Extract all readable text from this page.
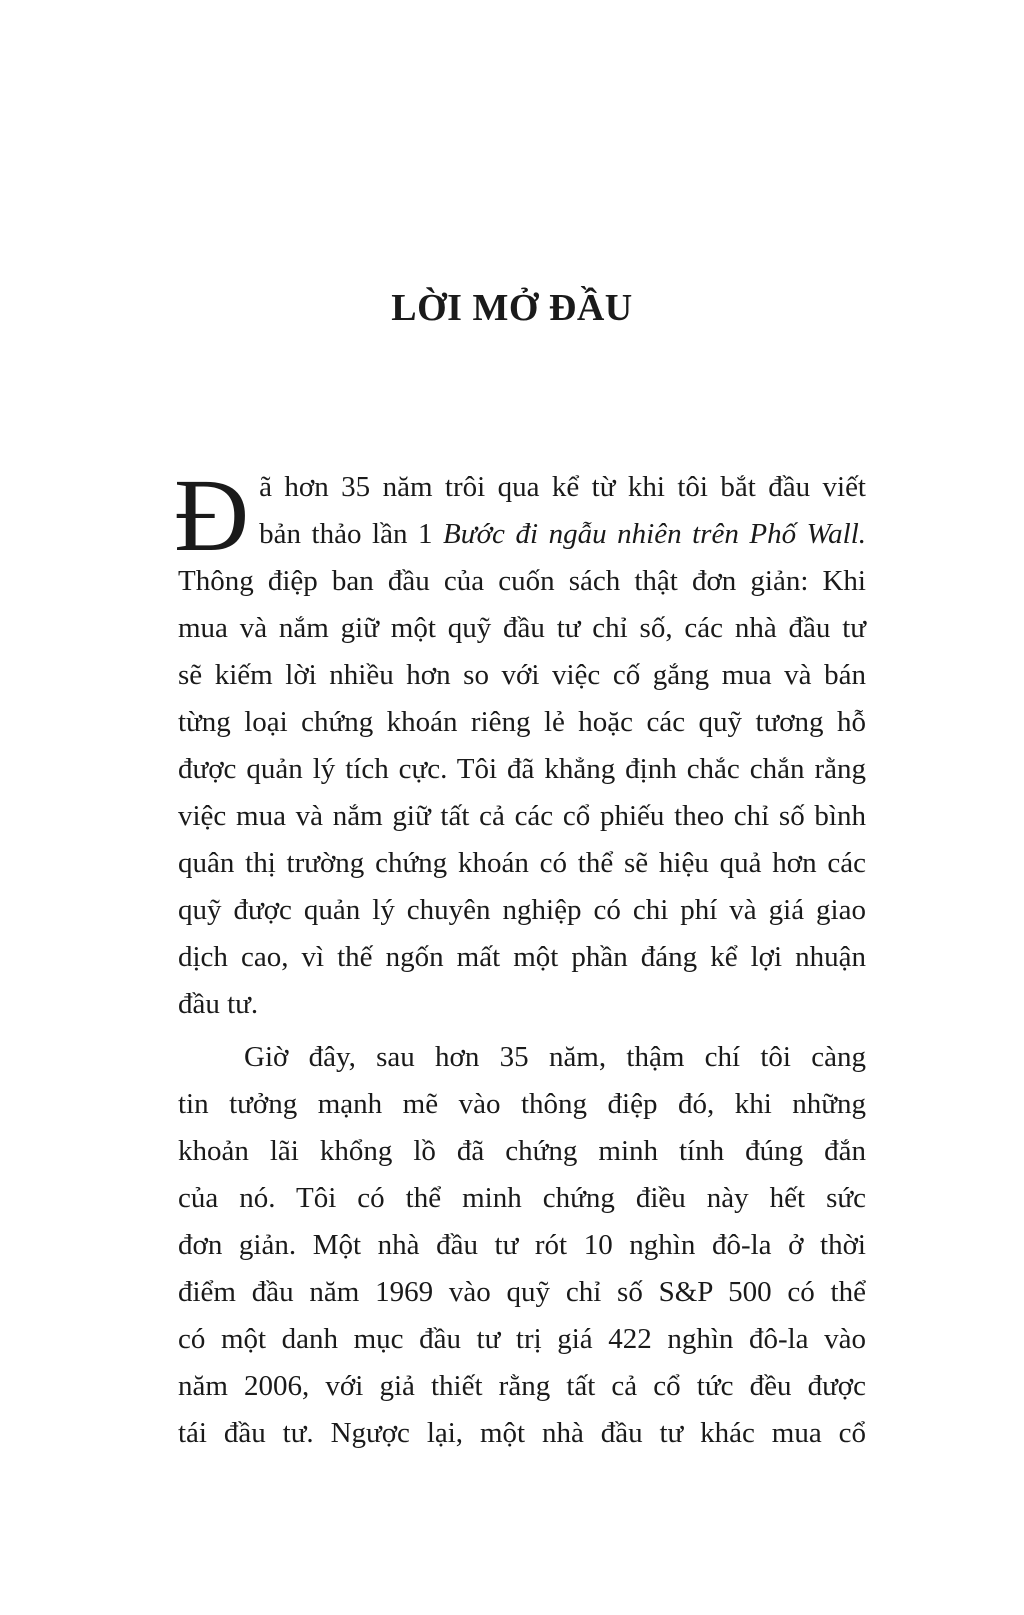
LỜI MỞ ĐẦU

Đ ã hơn 35 năm trôi qua kể từ khi tôi bắt đầu viết
bản thảo lần 1 Bước đi ngẫu nhiên trên Phố Wall.
Thông điệp ban đầu của cuốn sách thật đơn giản: Khi
mua và nắm giữ một quỹ đầu tư chỉ số, các nhà đầu tư
sẽ kiếm lời nhiều hơn so với việc cố gắng mua và bán
từng loại chứng khoán riêng lẻ hoặc các quỹ tương hỗ
được quản lý tích cực. Tôi đã khẳng định chắc chắn rằng
việc mua và nắm giữ tất cả các cổ phiếu theo chỉ số bình
quân thị trường chứng khoán có thể sẽ hiệu quả hơn các
quỹ được quản lý chuyên nghiệp có chi phí và giá giao
dịch cao, vì thế ngốn mất một phần đáng kể lợi nhuận
đầu tư.

Giờ đây, sau hơn 35 năm, thậm chí tôi càng
tin tưởng mạnh mẽ vào thông điệp đó, khi những
khoản lãi khổng lồ đã chứng minh tính đúng đắn
của nó. Tôi có thể minh chứng điều này hết sức
đơn giản. Một nhà đầu tư rót 10 nghìn đô-la ở thời
điểm đầu năm 1969 vào quỹ chỉ số S&P 500 có thể
có một danh mục đầu tư trị giá 422 nghìn đô-la vào
năm 2006, với giả thiết rằng tất cả cổ tức đều được
tái đầu tư. Ngược lại, một nhà đầu tư khác mua cổ
